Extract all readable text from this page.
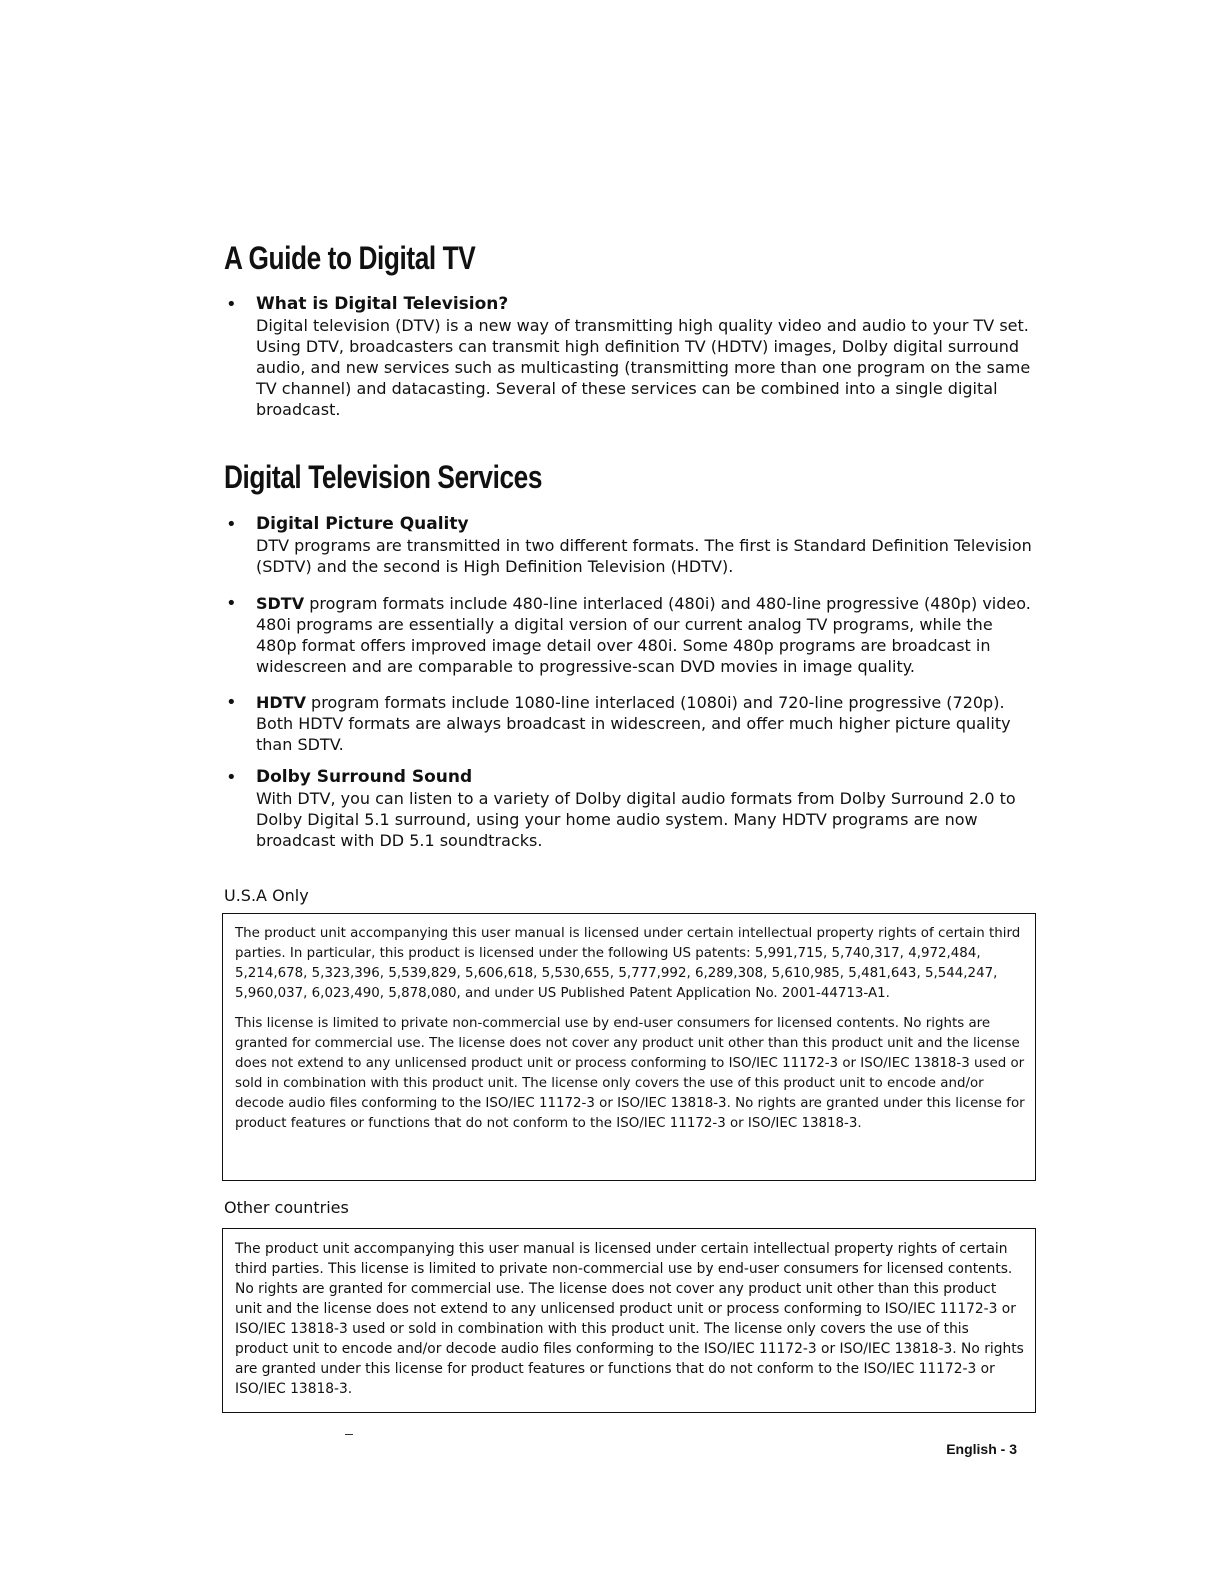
A Guide to Digital TV
• What is Digital Television?
Digital television (DTV) is a new way of transmitting high quality video and audio to your TV set. Using DTV, broadcasters can transmit high definition TV (HDTV) images, Dolby digital surround audio, and new services such as multicasting (transmitting more than one program on the same TV channel) and datacasting. Several of these services can be combined into a single digital broadcast.
Digital Television Services
• Digital Picture Quality
DTV programs are transmitted in two different formats. The first is Standard Definition Television (SDTV) and the second is High Definition Television (HDTV).
• SDTV program formats include 480-line interlaced (480i) and 480-line progressive (480p) video. 480i programs are essentially a digital version of our current analog TV programs, while the 480p format offers improved image detail over 480i. Some 480p programs are broadcast in widescreen and are comparable to progressive-scan DVD movies in image quality.
• HDTV program formats include 1080-line interlaced (1080i) and 720-line progressive (720p). Both HDTV formats are always broadcast in widescreen, and offer much higher picture quality than SDTV.
• Dolby Surround Sound
With DTV, you can listen to a variety of Dolby digital audio formats from Dolby Surround 2.0 to Dolby Digital 5.1 surround, using your home audio system. Many HDTV programs are now broadcast with DD 5.1 soundtracks.
U.S.A Only

The product unit accompanying this user manual is licensed under certain intellectual property rights of certain third parties. In particular, this product is licensed under the following US patents: 5,991,715, 5,740,317, 4,972,484, 5,214,678, 5,323,396, 5,539,829, 5,606,618, 5,530,655, 5,777,992, 6,289,308, 5,610,985, 5,481,643, 5,544,247, 5,960,037, 6,023,490, 5,878,080, and under US Published Patent Application No. 2001-44713-A1.

This license is limited to private non-commercial use by end-user consumers for licensed contents. No rights are granted for commercial use. The license does not cover any product unit other than this product unit and the license does not extend to any unlicensed product unit or process conforming to ISO/IEC 11172-3 or ISO/IEC 13818-3 used or sold in combination with this product unit. The license only covers the use of this product unit to encode and/or decode audio files conforming to the ISO/IEC 11172-3 or ISO/IEC 13818-3. No rights are granted under this license for product features or functions that do not conform to the ISO/IEC 11172-3 or ISO/IEC 13818-3.

Other countries

The product unit accompanying this user manual is licensed under certain intellectual property rights of certain third parties. This license is limited to private non-commercial use by end-user consumers for licensed contents. No rights are granted for commercial use. The license does not cover any product unit other than this product unit and the license does not extend to any unlicensed product unit or process conforming to ISO/IEC 11172-3 or ISO/IEC 13818-3 used or sold in combination with this product unit. The license only covers the use of this product unit to encode and/or decode audio files conforming to the ISO/IEC 11172-3 or ISO/IEC 13818-3. No rights are granted under this license for product features or functions that do not conform to the ISO/IEC 11172-3 or ISO/IEC 13818-3.

English - 3
